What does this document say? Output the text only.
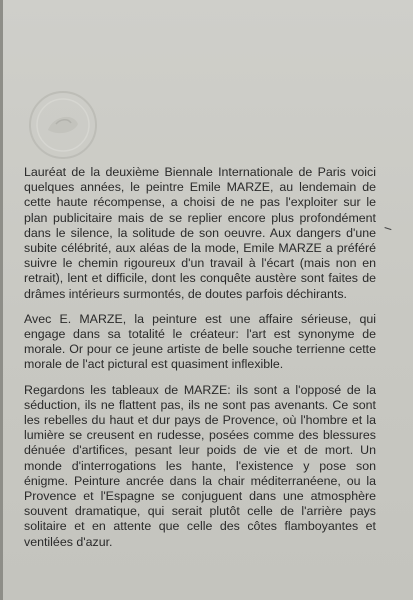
Lauréat de la deuxième Biennale Internationale de Paris voici quelques années, le peintre Emile MARZE, au lendemain de cette haute récompense, a choisi de ne pas l'exploiter sur le plan publicitaire mais de se replier encore plus profondément dans le silence, la solitude de son oeuvre. Aux dangers d'une subite célébrité, aux aléas de la mode, Emile MARZE a préféré suivre le chemin rigoureux d'un travail à l'écart (mais non en retrait), lent et difficile, dont les conquête austère sont faites de drâmes intérieurs surmontés, de doutes parfois déchirants.

Avec E. MARZE, la peinture est une affaire sérieuse, qui engage dans sa totalité le créateur: l'art est synonyme de morale. Or pour ce jeune artiste de belle souche terrienne cette morale de l'act pictural est quasiment inflexible.

Regardons les tableaux de MARZE: ils sont a l'opposé de la séduction, ils ne flattent pas, ils ne sont pas avenants. Ce sont les rebelles du haut et dur pays de Provence, où l'hombre et la lumière se creusent en rudesse, posées comme des blessures dénuée d'artifices, pesant leur poids de vie et de mort. Un monde d'interrogations les hante, l'existence y pose son énigme. Peinture ancrée dans la chair méditerranéene, ou la Provence et l'Espagne se conjuguent dans une atmosphère souvent dramatique, qui serait plutôt celle de l'arrière pays solitaire et en attente que celle des côtes flamboyantes et ventilées d'azur.
